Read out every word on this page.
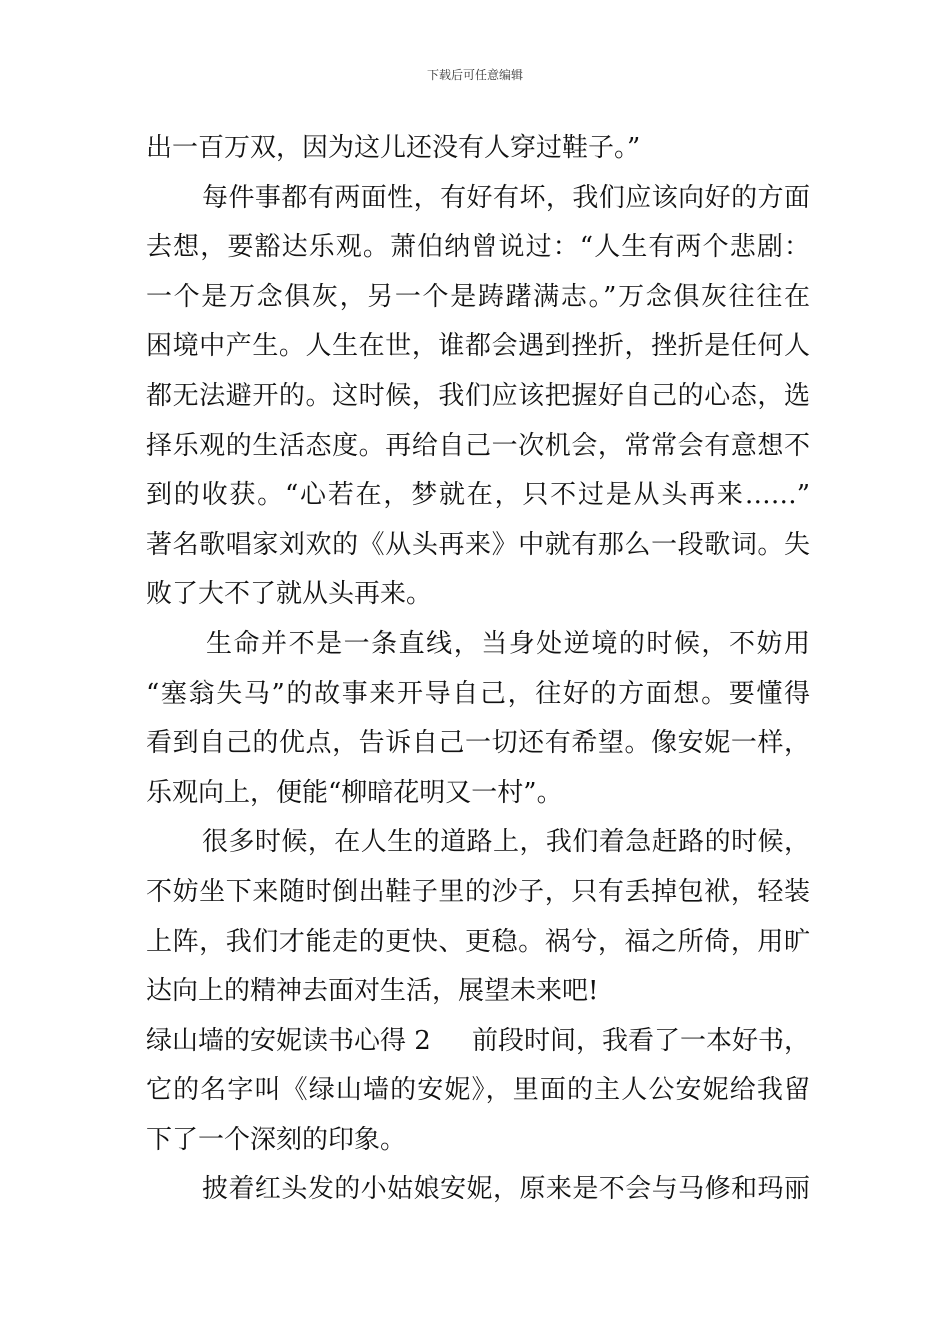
下载后可任意编辑
出一百万双，因为这儿还没有人穿过鞋子。”
每件事都有两面性，有好有坏，我们应该向好的方面
去想，要豁达乐观。萧伯纳曾说过：“人生有两个悲剧：
一个是万念俱灰，另一个是踌躇满志。”万念俱灰往往在
困境中产生。人生在世，谁都会遇到挫折，挫折是任何人
都无法避开的。这时候，我们应该把握好自己的心态，选
择乐观的生活态度。再给自己一次机会，常常会有意想不
到的收获。“心若在，梦就在，只不过是从头再来……”
著名歌唱家刘欢的《从头再来》中就有那么一段歌词。失
败了大不了就从头再来。
生命并不是一条直线，当身处逆境的时候，不妨用
“塞翁失马”的故事来开导自己，往好的方面想。要懂得
看到自己的优点，告诉自己一切还有希望。像安妮一样，
乐观向上，便能“柳暗花明又一村”。
很多时候，在人生的道路上，我们着急赶路的时候，
不妨坐下来随时倒出鞋子里的沙子，只有丢掉包袱，轻装
上阵，我们才能走的更快、更稳。祸兮，福之所倚，用旷
达向上的精神去面对生活，展望未来吧!
绿山墙的安妮读书心得 2 前段时间，我看了一本好书，
它的名字叫《绿山墙的安妮》，里面的主人公安妮给我留
下了一个深刻的印象。
披着红头发的小姑娘安妮，原来是不会与马修和玛丽
